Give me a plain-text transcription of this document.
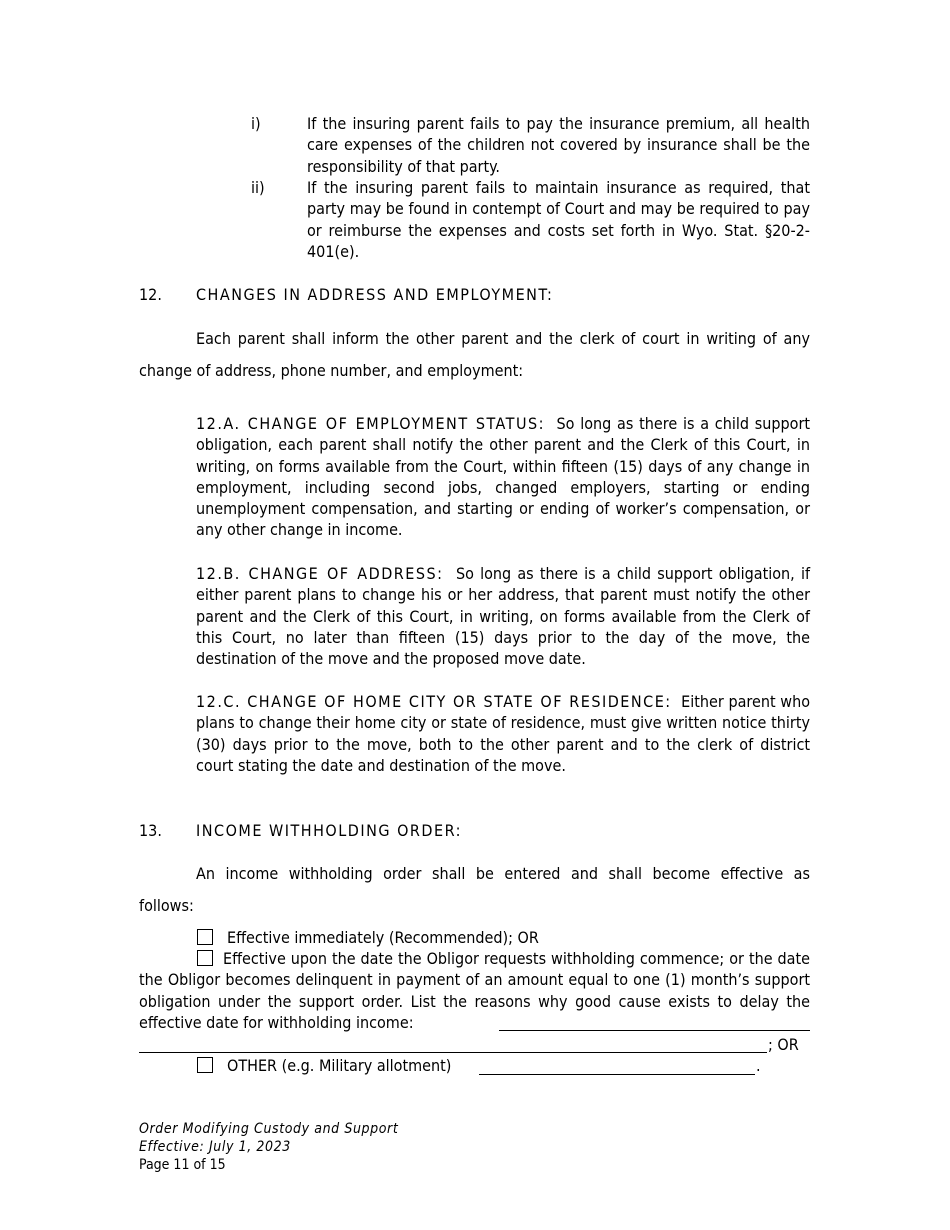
i)	If the insuring parent fails to pay the insurance premium, all health care expenses of the children not covered by insurance shall be the responsibility of that party.
ii)	If the insuring parent fails to maintain insurance as required, that party may be found in contempt of Court and may be required to pay or reimburse the expenses and costs set forth in Wyo. Stat. §20-2-401(e).
12. CHANGES IN ADDRESS AND EMPLOYMENT:
Each parent shall inform the other parent and the clerk of court in writing of any change of address, phone number, and employment:
12.A. CHANGE OF EMPLOYMENT STATUS: So long as there is a child support obligation, each parent shall notify the other parent and the Clerk of this Court, in writing, on forms available from the Court, within fifteen (15) days of any change in employment, including second jobs, changed employers, starting or ending unemployment compensation, and starting or ending of worker’s compensation, or any other change in income.
12.B. CHANGE OF ADDRESS: So long as there is a child support obligation, if either parent plans to change his or her address, that parent must notify the other parent and the Clerk of this Court, in writing, on forms available from the Clerk of this Court, no later than fifteen (15) days prior to the day of the move, the destination of the move and the proposed move date.
12.C. CHANGE OF HOME CITY OR STATE OF RESIDENCE: Either parent who plans to change their home city or state of residence, must give written notice thirty (30) days prior to the move, both to the other parent and to the clerk of district court stating the date and destination of the move.
13. INCOME WITHHOLDING ORDER:
An income withholding order shall be entered and shall become effective as follows:
Effective immediately (Recommended); OR
Effective upon the date the Obligor requests withholding commence; or the date the Obligor becomes delinquent in payment of an amount equal to one (1) month’s support obligation under the support order. List the reasons why good cause exists to delay the effective date for withholding income:
; OR
OTHER (e.g. Military allotment)	.
Order Modifying Custody and Support
Effective: July 1, 2023
Page 11 of 15
